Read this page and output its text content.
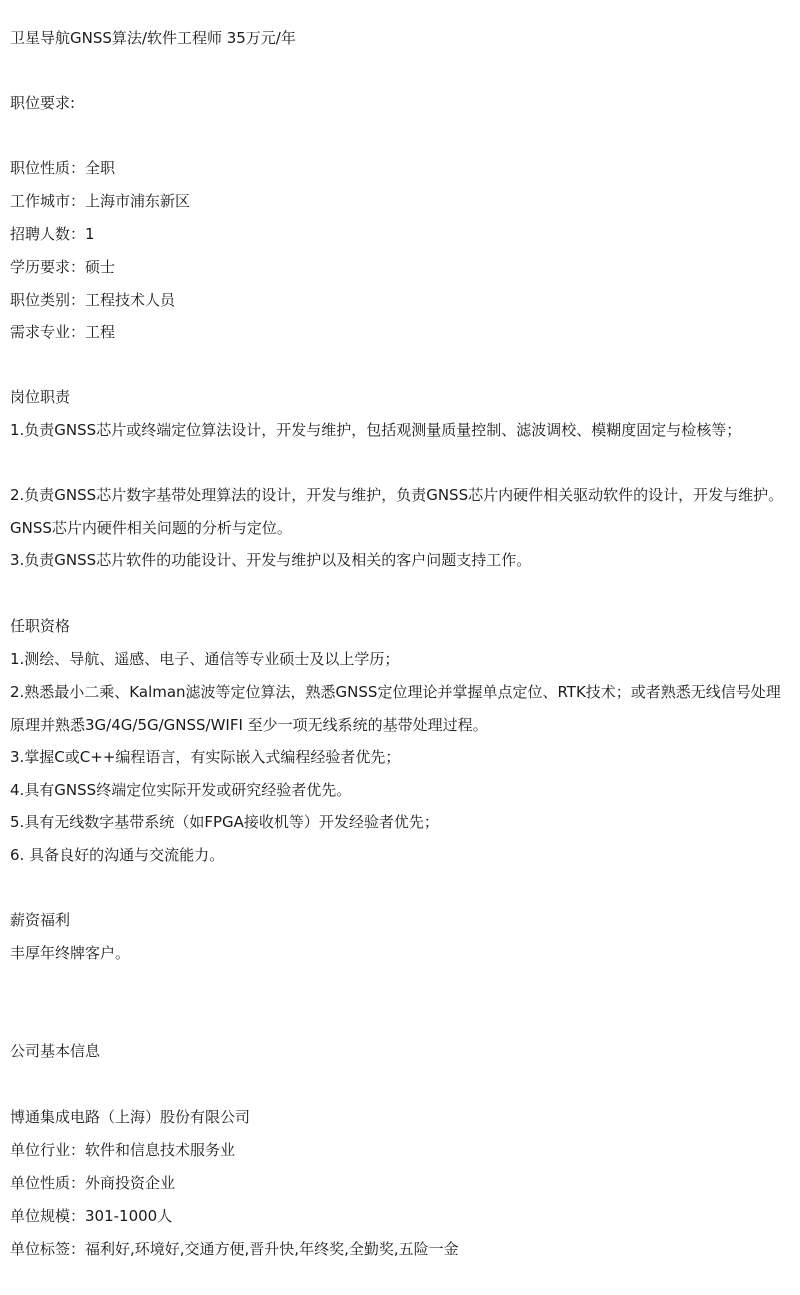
卫星导航GNSS算法/软件工程师 35万元/年
职位要求:
职位性质：全职
工作城市：上海市浦东新区
招聘人数：1
学历要求：硕士
职位类别：工程技术人员
需求专业：工程
岗位职责
1.负责GNSS芯片或终端定位算法设计，开发与维护，包括观测量质量控制、滤波调校、模糊度固定与检核等；
2.负责GNSS芯片数字基带处理算法的设计，开发与维护，负责GNSS芯片内硬件相关驱动软件的设计，开发与维护。GNSS芯片内硬件相关问题的分析与定位。
3.负责GNSS芯片软件的功能设计、开发与维护以及相关的客户问题支持工作。
任职资格
1.测绘、导航、遥感、电子、通信等专业硕士及以上学历；
2.熟悉最小二乘、Kalman滤波等定位算法，熟悉GNSS定位理论并掌握单点定位、RTK技术；或者熟悉无线信号处理原理并熟悉3G/4G/5G/GNSS/WIFI 至少一项无线系统的基带处理过程。
3.掌握C或C++编程语言，有实际嵌入式编程经验者优先；
4.具有GNSS终端定位实际开发或研究经验者优先。
5.具有无线数字基带系统（如FPGA接收机等）开发经验者优先；
6. 具备良好的沟通与交流能力。
薪资福利
丰厚年终牌客户。
公司基本信息
博通集成电路（上海）股份有限公司
单位行业：软件和信息技术服务业
单位性质：外商投资企业
单位规模：301-1000人
单位标签：福利好,环境好,交通方便,晋升快,年终奖,全勤奖,五险一金
